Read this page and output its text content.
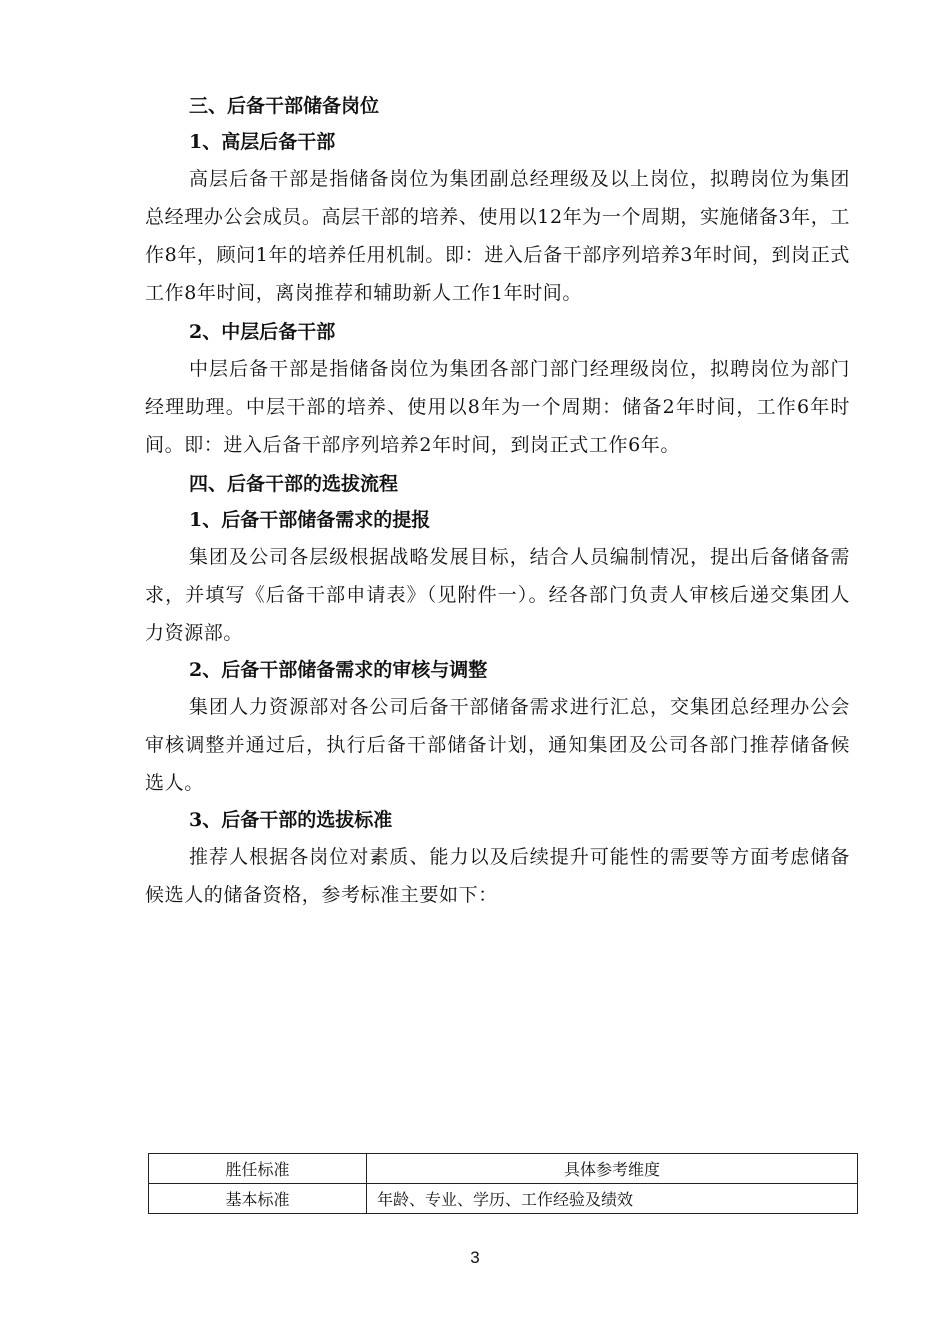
三、后备干部储备岗位

1、高层后备干部

高层后备干部是指储备岗位为集团副总经理级及以上岗位，拟聘岗位为集团总经理办公会成员。高层干部的培养、使用以12年为一个周期，实施储备3年，工作8年，顾问1年的培养任用机制。即：进入后备干部序列培养3年时间，到岗正式工作8年时间，离岗推荐和辅助新人工作1年时间。

2、中层后备干部

中层后备干部是指储备岗位为集团各部门部门经理级岗位，拟聘岗位为部门经理助理。中层干部的培养、使用以8年为一个周期：储备2年时间，工作6年时间。即：进入后备干部序列培养2年时间，到岗正式工作6年。

四、后备干部的选拔流程

1、后备干部储备需求的提报

集团及公司各层级根据战略发展目标，结合人员编制情况，提出后备储备需求，并填写《后备干部申请表》（见附件一）。经各部门负责人审核后递交集团人力资源部。

2、后备干部储备需求的审核与调整

集团人力资源部对各公司后备干部储备需求进行汇总，交集团总经理办公会审核调整并通过后，执行后备干部储备计划，通知集团及公司各部门推荐储备候选人。

3、后备干部的选拔标准

推荐人根据各岗位对素质、能力以及后续提升可能性的需要等方面考虑储备候选人的储备资格，参考标准主要如下：

胜任标准	具体参考维度
基本标准	年龄、专业、学历、工作经验及绩效
3
